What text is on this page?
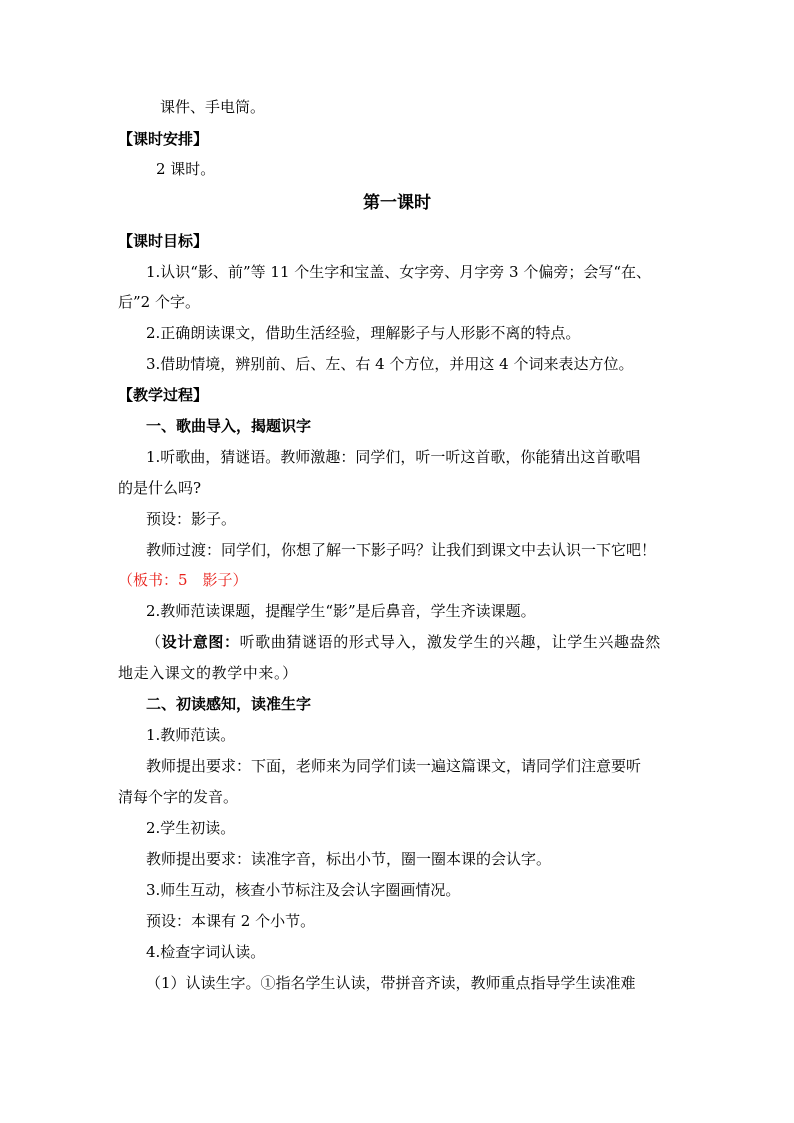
课件、手电筒。

【课时安排】

2 课时。

第一课时

【课时目标】

1.认识“影、前”等 11 个生字和宝盖、女字旁、月字旁 3 个偏旁；会写“在、

后”2 个字。

2.正确朗读课文，借助生活经验，理解影子与人形影不离的特点。

3.借助情境，辨别前、后、左、右 4 个方位，并用这 4 个词来表达方位。

【教学过程】

一、歌曲导入，揭题识字

1.听歌曲，猜谜语。教师激趣：同学们，听一听这首歌，你能猜出这首歌唱

的是什么吗?

预设：影子。

教师过渡：同学们，你想了解一下影子吗？让我们到课文中去认识一下它吧！

（板书：5　影子）

2.教师范读课题，提醒学生“影”是后鼻音，学生齐读课题。

（设计意图：听歌曲猜谜语的形式导入，激发学生的兴趣，让学生兴趣盎然

地走入课文的教学中来。）

二、初读感知，读准生字

1.教师范读。

教师提出要求：下面，老师来为同学们读一遍这篇课文，请同学们注意要听

清每个字的发音。

2.学生初读。

教师提出要求：读准字音，标出小节，圈一圈本课的会认字。

3.师生互动，核查小节标注及会认字圈画情况。

预设：本课有 2 个小节。

4.检查字词认读。

（1）认读生字。①指名学生认读，带拼音齐读，教师重点指导学生读准难
